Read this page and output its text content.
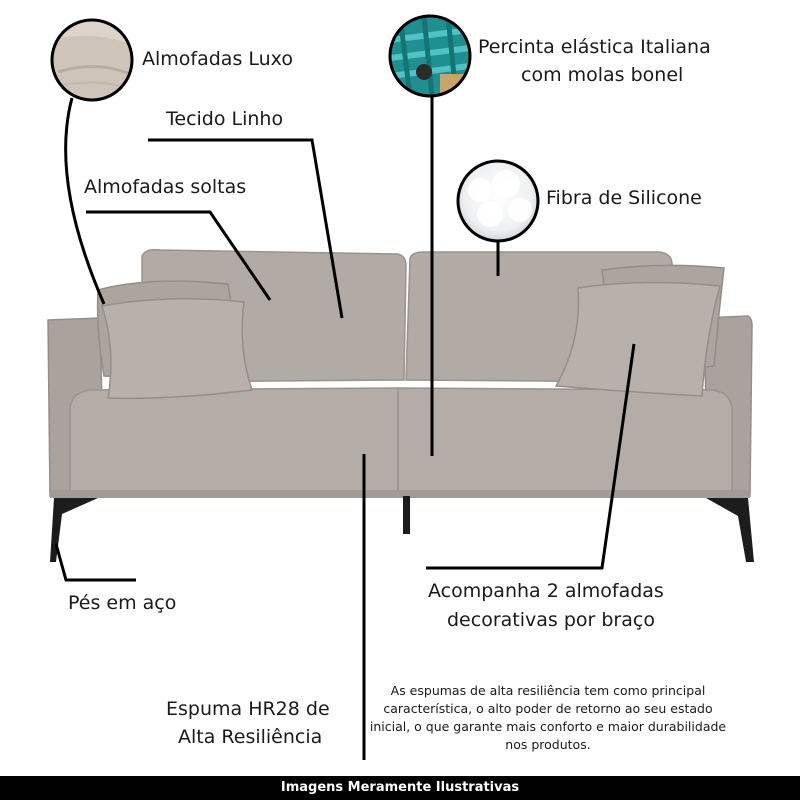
Almofadas Luxo
Tecido Linho
Almofadas soltas
Percinta elástica Italiana
com molas bonel
Fibra de Silicone
Pés em aço
Acompanha 2 almofadas
decorativas por braço
Espuma HR28 de
Alta Resiliência
As espumas de alta resiliência tem como principal característica, o alto poder de retorno ao seu estado inicial, o que garante mais conforto e maior durabilidade nos produtos.
Imagens Meramente Ilustrativas
